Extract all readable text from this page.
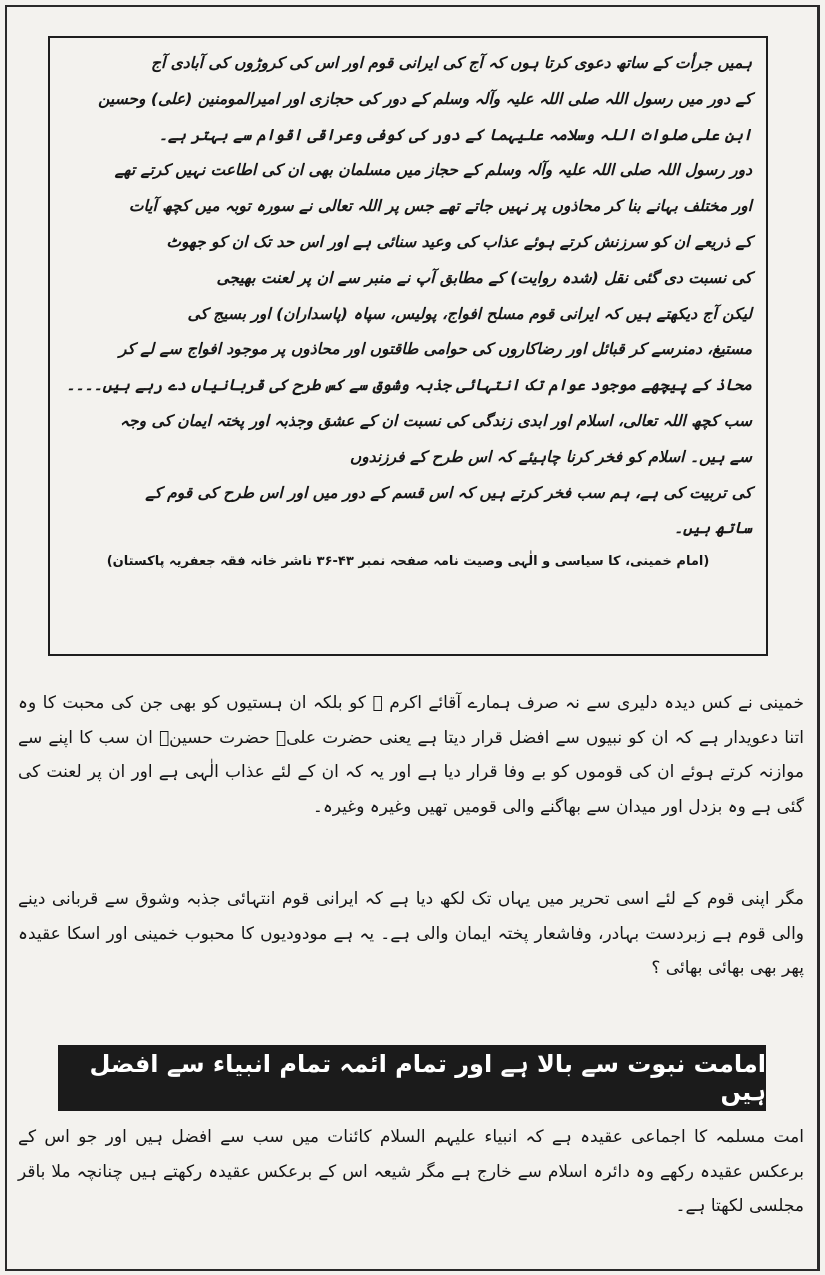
ہمیں جرأت کے ساتھ دعوی کرتا ہوں کہ آج کی ایرانی قوم اور اس کی کروڑوں کی آبادی آج

کے دور میں رسول اللہ صلی اللہ علیہ وآلہ وسلم کے دور کی حجازی اور امیرالمومنین (علی) وحسین

ابن علی صلوات اللہ وسلامہ علیہما کے دور کی کوفی وعراقی اقوام سے بہتر ہے۔

دور رسول اللہ صلی اللہ علیہ وآلہ وسلم کے حجاز میں مسلمان بھی ان کی اطاعت نہیں کرتے تھے

اور مختلف بہانے بنا کر محاذوں پر نہیں جاتے تھے جس پر اللہ تعالی نے سورہ توبہ میں کچھ آیات

کے ذریعے ان کو سرزنش کرتے ہوئے عذاب کی وعید سنائی ہے اور اس حد تک ان کو جھوٹ

کی نسبت دی گئی نقل (شدہ روایت) کے مطابق آپ نے منبر سے ان پر لعنت بھیجی

لیکن آج دیکھتے ہیں کہ ایرانی قوم مسلح افواج، پولیس، سپاہ (پاسداران) اور بسیج کی

مستیغ، دمنرسے کر قبائل اور رضاکاروں کی حوامی طاقتوں اور محاذوں پر موجود افواج سے لے کر

محاذ کے پیچھے موجود عوام تک انتہائی جذبہ وشوق سے کس طرح کی قربانیاں دے رہے ہیں۔۔۔۔

سب کچھ اللہ تعالی، اسلام اور ابدی زندگی کی نسبت ان کے عشق وجذبہ اور پختہ ایمان کی وجہ

سے ہیں۔ اسلام کو فخر کرنا چاہیئے کہ اس طرح کے فرزندوں

کی تربیت کی ہے، ہم سب فخر کرتے ہیں کہ اس قسم کے دور میں اور اس طرح کی قوم کے

ساتھ ہیں۔

(امام خمینی، کا سیاسی و الٰہی وصیت نامہ صفحہ نمبر ۴۳-۳۶ ناشر خانہ فقہ جعفریہ پاکستان)

خمینی نے کس دیدہ دلیری سے نہ صرف ہمارے آقائے اکرم ﷺ کو بلکہ ان ہستیوں کو بھی جن کی محبت کا وہ اتنا دعویدار ہے کہ ان کو نبیوں سے افضل قرار دیتا ہے یعنی حضرت علیؓ حضرت حسینؓ ان سب کا اپنے سے موازنہ کرتے ہوئے ان کی قوموں کو بے وفا قرار دیا ہے اور یہ کہ ان کے لئے عذاب الٰہی ہے اور ان پر لعنت کی گئی ہے وہ بزدل اور میدان سے بھاگنے والی قومیں تھیں وغیرہ وغیرہ۔

مگر اپنی قوم کے لئے اسی تحریر میں یہاں تک لکھ دیا ہے کہ ایرانی قوم انتہائی جذبہ وشوق سے قربانی دینے والی قوم ہے زبردست بہادر، وفاشعار پختہ ایمان والی ہے۔ یہ ہے مودودیوں کا محبوب خمینی اور اسکا عقیدہ پھر بھی بھائی بھائی ؟

امامت نبوت سے بالا ہے اور تمام ائمہ تمام انبیاء سے افضل ہیں

امت مسلمہ کا اجماعی عقیدہ ہے کہ انبیاء علیہم السلام کائنات میں سب سے افضل ہیں اور جو اس کے برعکس عقیدہ رکھے وہ دائرہ اسلام سے خارج ہے مگر شیعہ اس کے برعکس عقیدہ رکھتے ہیں چنانچہ ملا باقر مجلسی لکھتا ہے۔
